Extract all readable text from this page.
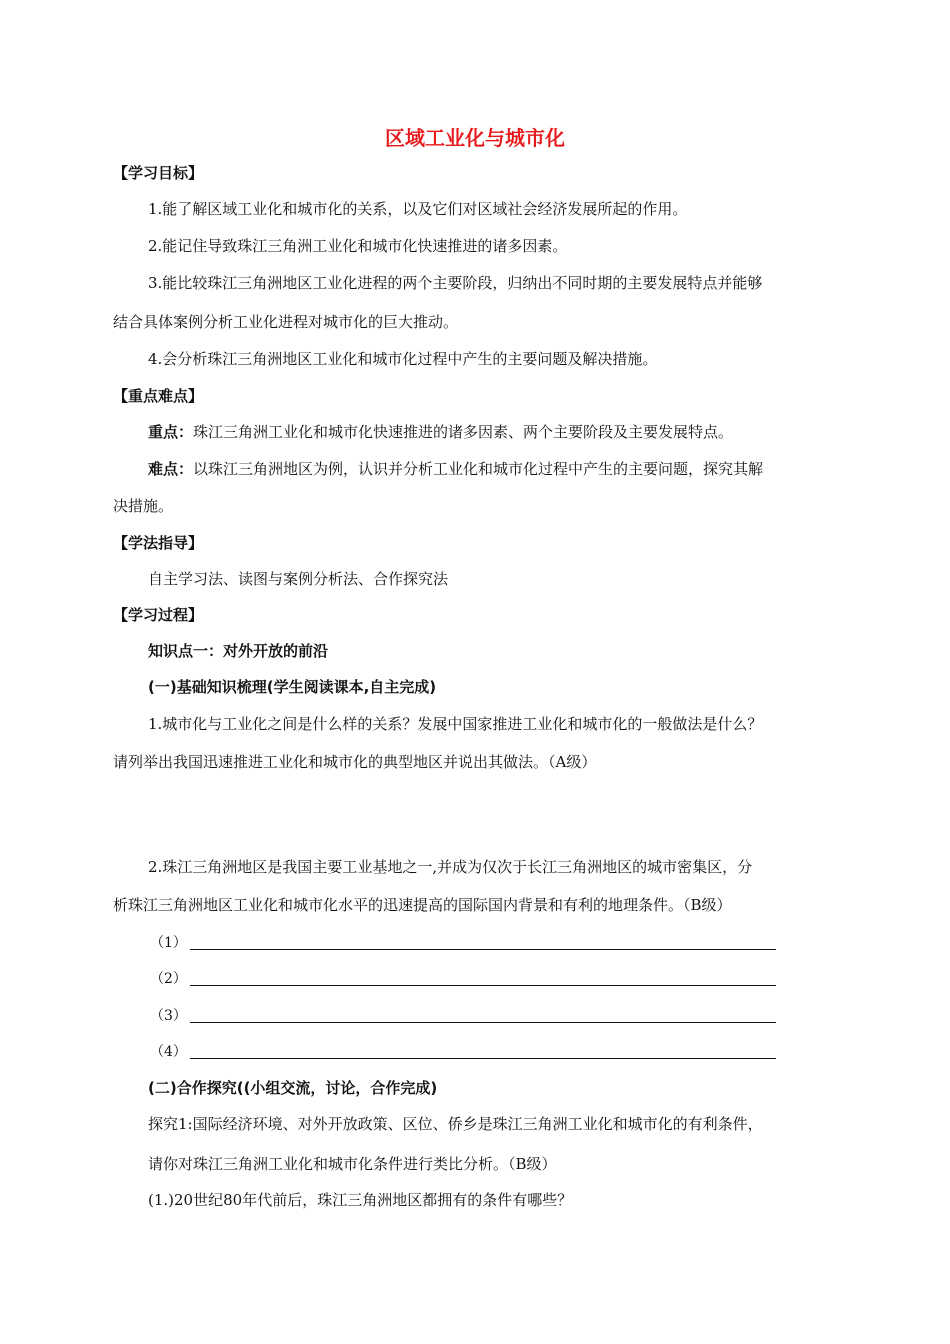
区域工业化与城市化
【学习目标】
1.能了解区域工业化和城市化的关系，以及它们对区域社会经济发展所起的作用。
2.能记住导致珠江三角洲工业化和城市化快速推进的诸多因素。
3.能比较珠江三角洲地区工业化进程的两个主要阶段，归纳出不同时期的主要发展特点并能够
结合具体案例分析工业化进程对城市化的巨大推动。
4.会分析珠江三角洲地区工业化和城市化过程中产生的主要问题及解决措施。
【重点难点】
重点：珠江三角洲工业化和城市化快速推进的诸多因素、两个主要阶段及主要发展特点。
难点：以珠江三角洲地区为例，认识并分析工业化和城市化过程中产生的主要问题，探究其解
决措施。
【学法指导】
自主学习法、读图与案例分析法、合作探究法
【学习过程】
知识点一：对外开放的前沿
(一)基础知识梳理(学生阅读课本,自主完成)
1.城市化与工业化之间是什么样的关系？发展中国家推进工业化和城市化的一般做法是什么？
请列举出我国迅速推进工业化和城市化的典型地区并说出其做法。（A级）
2.珠江三角洲地区是我国主要工业基地之一,并成为仅次于长江三角洲地区的城市密集区，分
析珠江三角洲地区工业化和城市化水平的迅速提高的国际国内背景和有利的地理条件。（B级）
（1）
（2）
（3）
（4）
(二)合作探究((小组交流，讨论，合作完成)
探究1:国际经济环境、对外开放政策、区位、侨乡是珠江三角洲工业化和城市化的有利条件，
请你对珠江三角洲工业化和城市化条件进行类比分析。（B级）
(1.)20世纪80年代前后，珠江三角洲地区都拥有的条件有哪些？
